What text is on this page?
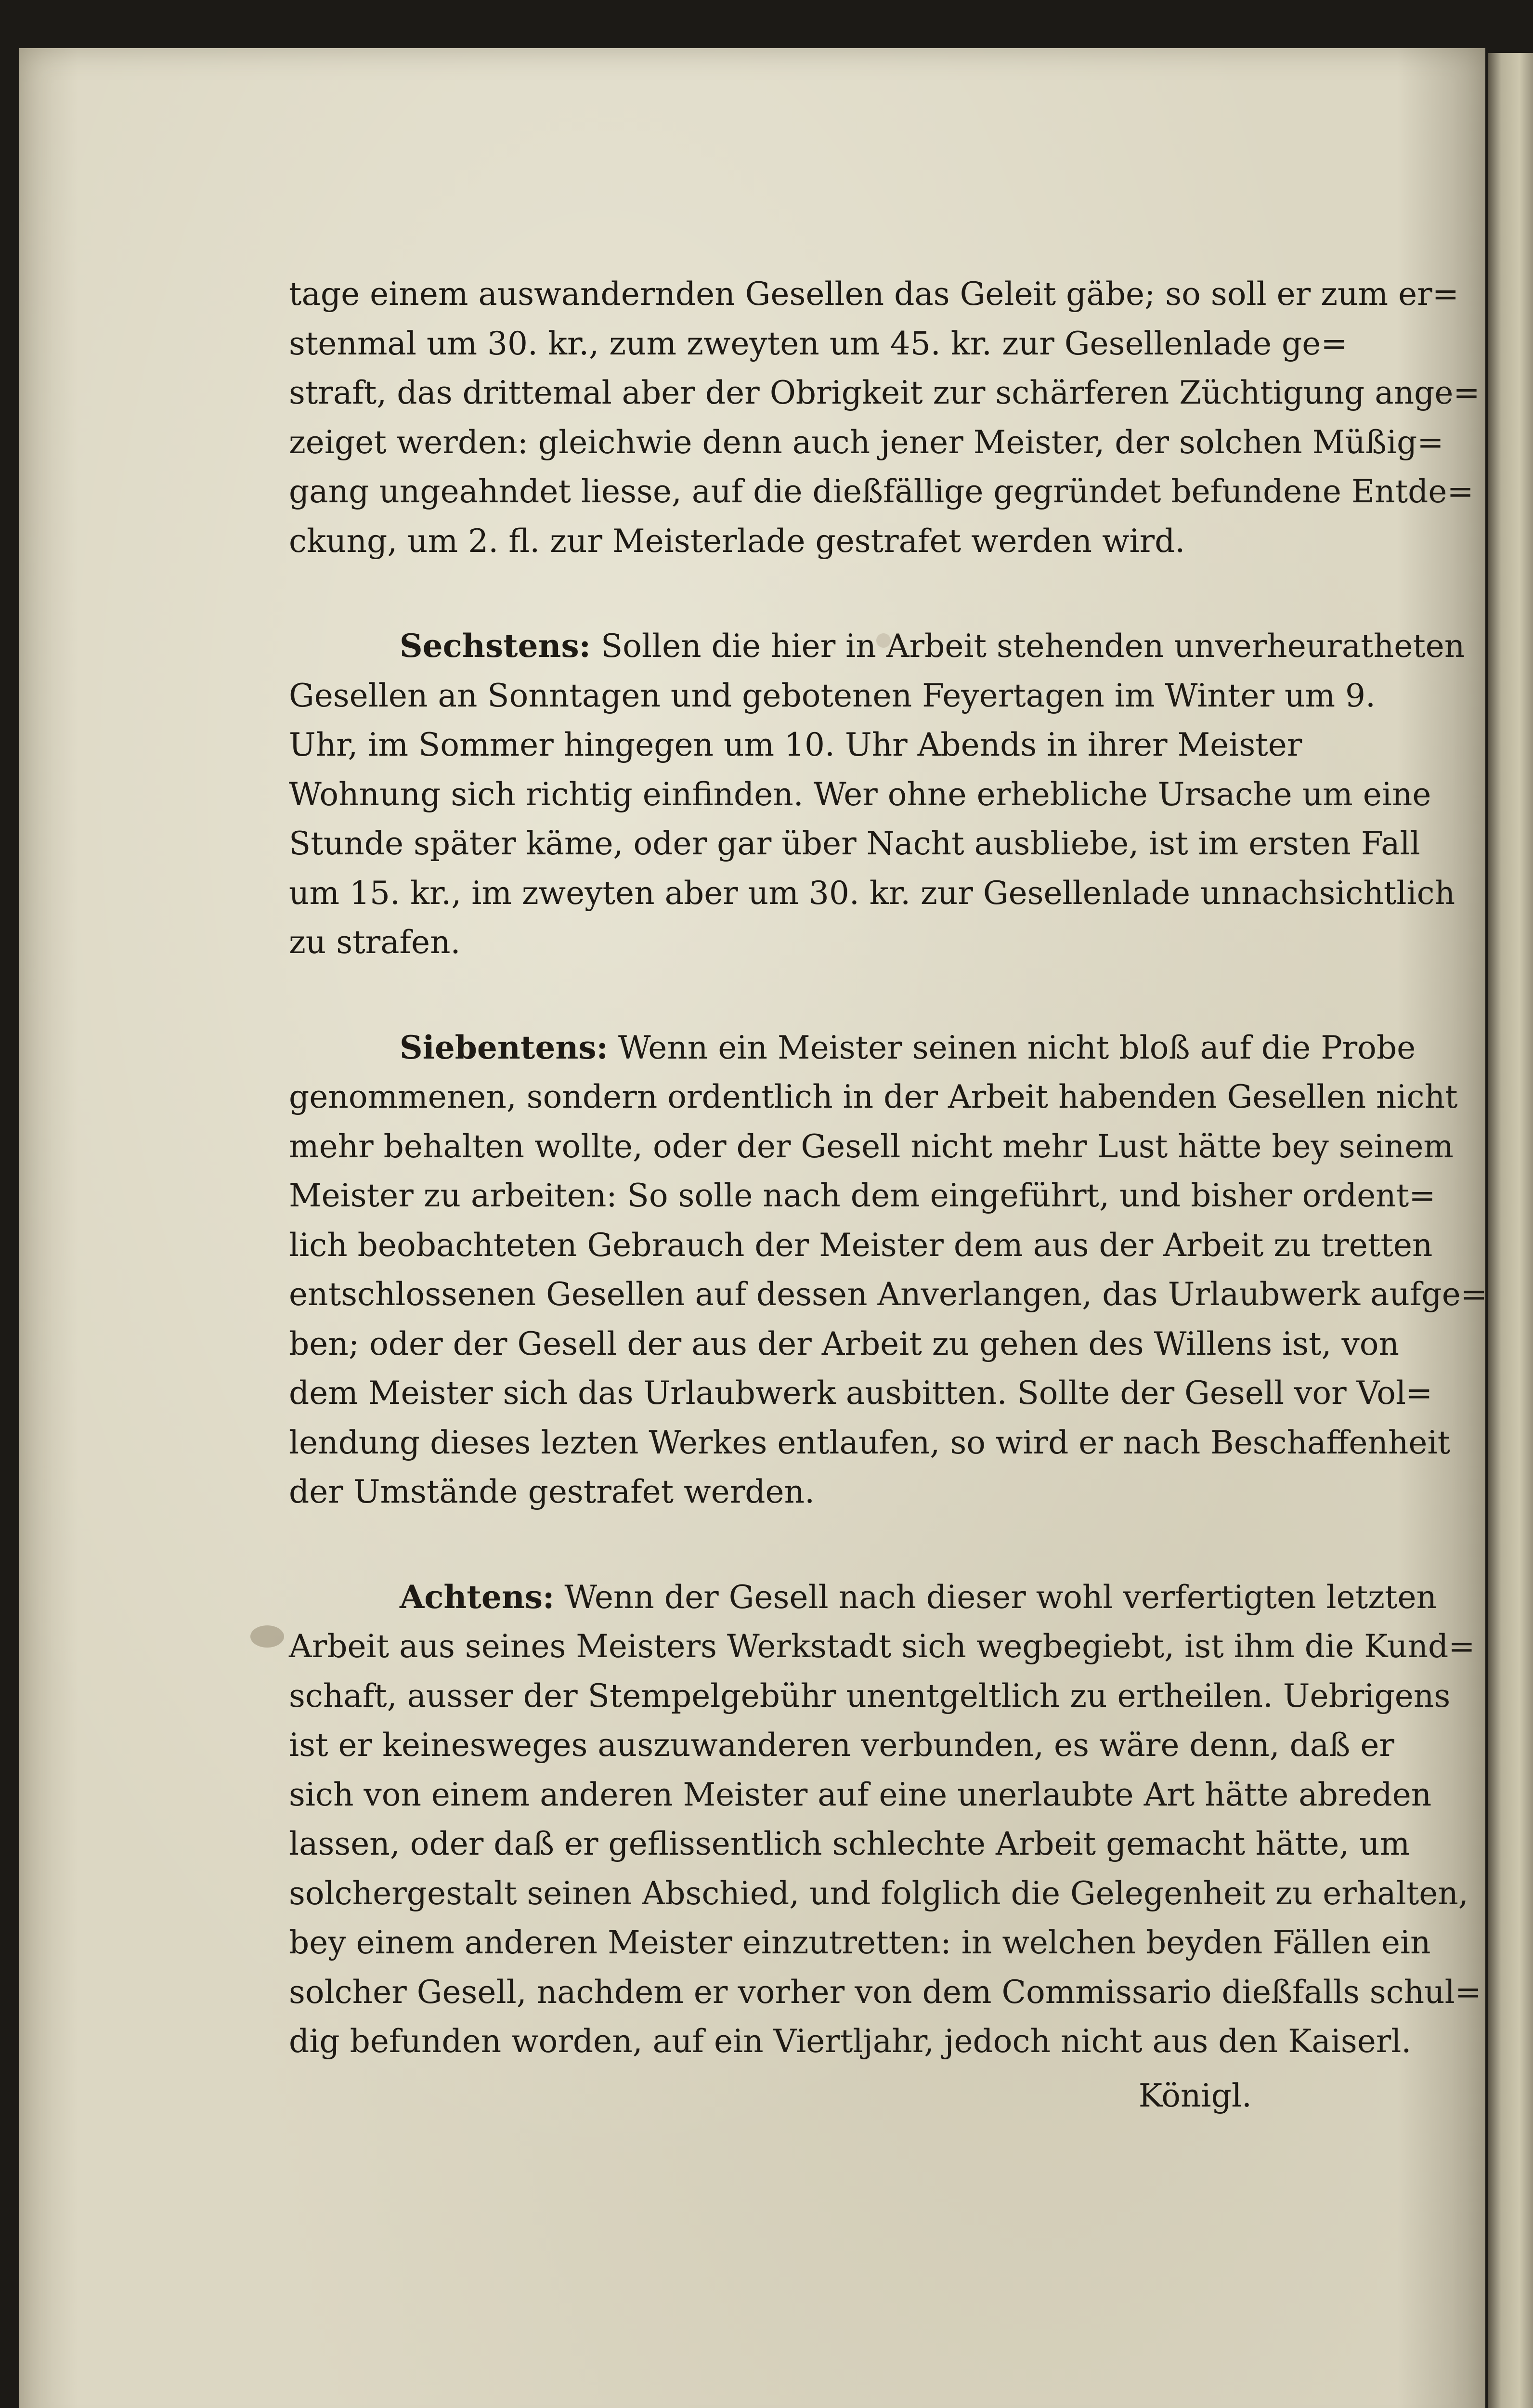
tage einem auswandernden Gesellen das Geleit gäbe; so soll er zum er=
stenmal um 30. kr., zum zweyten um 45. kr. zur Gesellenlade ge=
straft, das drittemal aber der Obrigkeit zur schärferen Züchtigung ange=
zeiget werden: gleichwie denn auch jener Meister, der solchen Müßig=
gang ungeahndet liesse, auf die dießfällige gegründet befundene Entde=
ckung, um 2. fl. zur Meisterlade gestrafet werden wird.

Sechstens: Sollen die hier in Arbeit stehenden unverheuratheten
Gesellen an Sonntagen und gebotenen Feyertagen im Winter um 9.
Uhr, im Sommer hingegen um 10. Uhr Abends in ihrer Meister
Wohnung sich richtig einfinden. Wer ohne erhebliche Ursache um eine
Stunde später käme, oder gar über Nacht ausbliebe, ist im ersten Fall
um 15. kr., im zweyten aber um 30. kr. zur Gesellenlade unnachsichtlich
zu strafen.

Siebentens: Wenn ein Meister seinen nicht bloß auf die Probe
genommenen, sondern ordentlich in der Arbeit habenden Gesellen nicht
mehr behalten wollte, oder der Gesell nicht mehr Lust hätte bey seinem
Meister zu arbeiten: So solle nach dem eingeführt, und bisher ordent=
lich beobachteten Gebrauch der Meister dem aus der Arbeit zu tretten
entschlossenen Gesellen auf dessen Anverlangen, das Urlaubwerk aufge=
ben; oder der Gesell der aus der Arbeit zu gehen des Willens ist, von
dem Meister sich das Urlaubwerk ausbitten. Sollte der Gesell vor Vol=
lendung dieses lezten Werkes entlaufen, so wird er nach Beschaffenheit
der Umstände gestrafet werden.

Achtens: Wenn der Gesell nach dieser wohl verfertigten letzten
Arbeit aus seines Meisters Werkstadt sich wegbegiebt, ist ihm die Kund=
schaft, ausser der Stempelgebühr unentgeltlich zu ertheilen. Uebrigens
ist er keinesweges auszuwanderen verbunden, es wäre denn, daß er
sich von einem anderen Meister auf eine unerlaubte Art hätte abreden
lassen, oder daß er geflissentlich schlechte Arbeit gemacht hätte, um
solchergestalt seinen Abschied, und folglich die Gelegenheit zu erhalten,
bey einem anderen Meister einzutretten: in welchen beyden Fällen ein
solcher Gesell, nachdem er vorher von dem Commissario dießfalls schul=
dig befunden worden, auf ein Viertljahr, jedoch nicht aus den Kaiserl.
Königl.
